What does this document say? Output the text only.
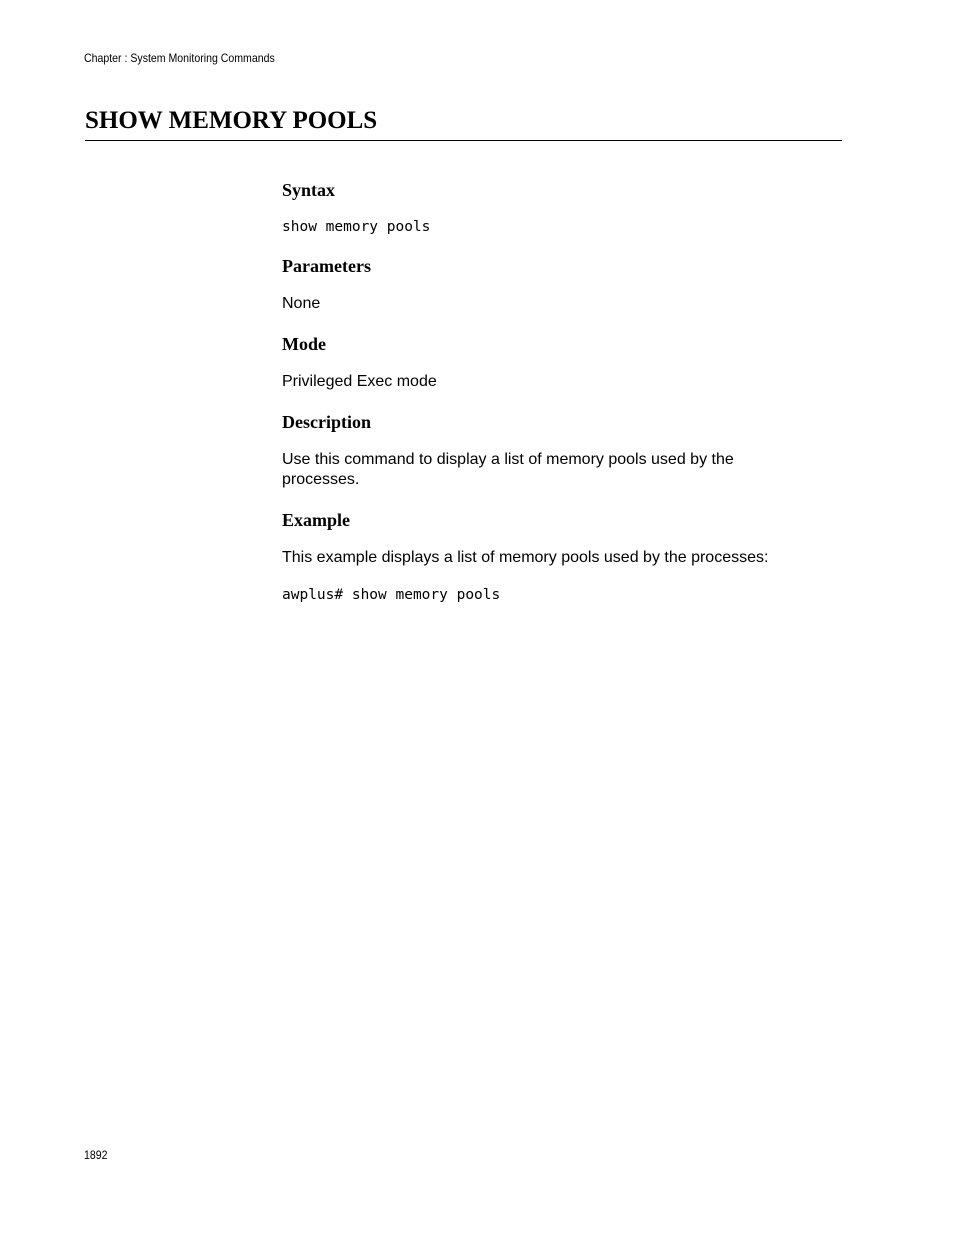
Chapter : System Monitoring Commands
SHOW MEMORY POOLS
Syntax
show memory pools
Parameters

None

Mode

Privileged Exec mode

Description

Use this command to display a list of memory pools used by the processes.

Example

This example displays a list of memory pools used by the processes:

awplus# show memory pools
1892
